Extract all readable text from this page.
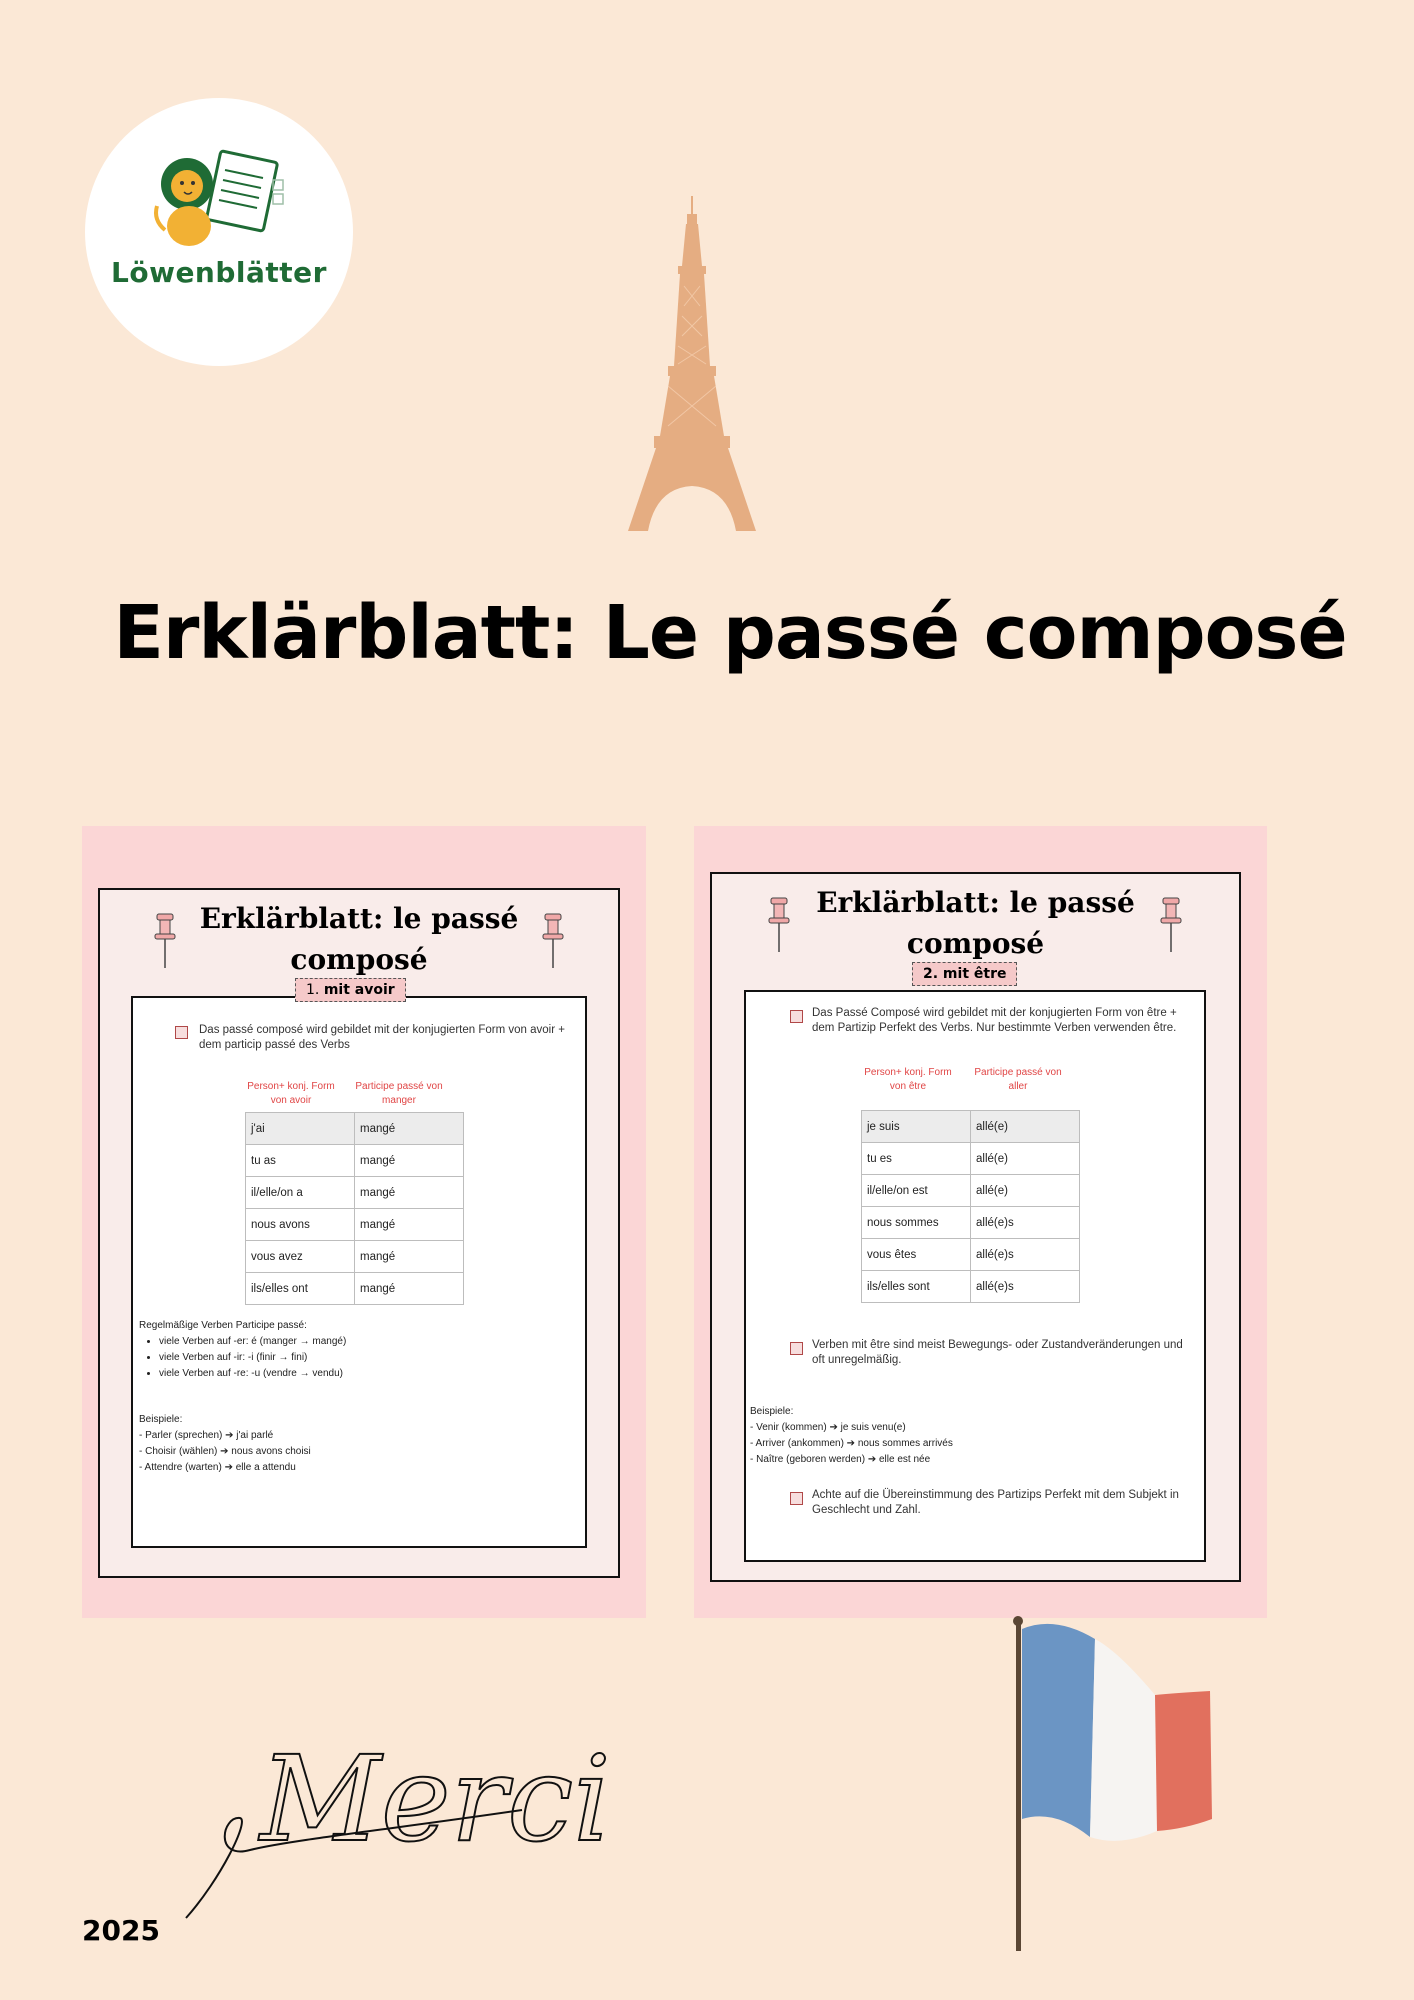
Löwenblätter
Erklärblatt: Le passé composé
Erklärblatt: le passé
composé
1. mit avoir
Das passé composé wird gebildet mit der konjugierten Form von avoir + dem particip passé des Verbs
Person+ konj. Form von avoir
Participe passé von manger
j'ai	mangé
tu as	mangé
il/elle/on a	mangé
nous avons	mangé
vous avez	mangé
ils/elles ont	mangé

Regelmäßige Verben Participe passé:

• viele Verben auf -er: é (manger → mangé)
• viele Verben auf -ir: -i (finir → fini)
• viele Verben auf -re: -u (vendre → vendu)

Beispiele:

- Parler (sprechen) ➔ j'ai parlé

- Choisir (wählen) ➔ nous avons choisi

- Attendre (warten) ➔ elle a attendu

Erklärblatt: le passé
composé
2. mit être
Das Passé Composé wird gebildet mit der konjugierten Form von être + dem Partizip Perfekt des Verbs. Nur bestimmte Verben verwenden être.
Person+ konj. Form von être
Participe passé von aller
je suis	allé(e)
tu es	allé(e)
il/elle/on est	allé(e)
nous sommes	allé(e)s
vous êtes	allé(e)s
ils/elles sont	allé(e)s
Verben mit être sind meist Bewegungs- oder Zustandveränderungen und oft unregelmäßig.

Beispiele:

- Venir (kommen) ➔ je suis venu(e)

- Arriver (ankommen) ➔ nous sommes arrivés

- Naître (geboren werden) ➔ elle est née

Achte auf die Übereinstimmung des Partizips Perfekt mit dem Subjekt in Geschlecht und Zahl.
Merci
2025
